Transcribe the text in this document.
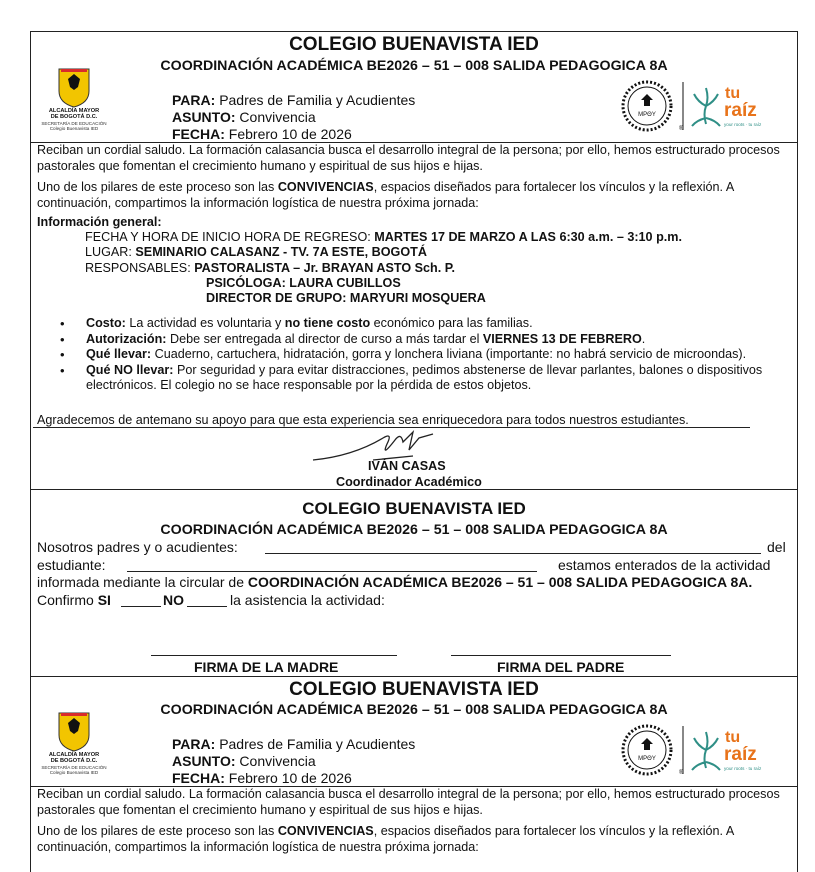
COLEGIO BUENAVISTA IED
COORDINACIÓN ACADÉMICA BE2026 – 51 – 008 SALIDA PEDAGOGICA 8A
ALCALDÍA MAYOR
DE BOGOTÁ D.C.
SECRETARÍA DE EDUCACIÓN
Colegio Buenavista IED
PARA: Padres de Familia y Acudientes
ASUNTO: Convivencia
FECHA: Febrero 10 de 2026
MPΘY
tu
raíz
your roots · tu raíz
®
Reciban un cordial saludo. La formación calasancia busca el desarrollo integral de la persona; por ello, hemos estructurado procesos pastorales que fomentan el crecimiento humano y espiritual de sus hijos e hijas.
Uno de los pilares de este proceso son las CONVIVENCIAS, espacios diseñados para fortalecer los vínculos y la reflexión. A continuación, compartimos la información logística de nuestra próxima jornada:
Información general:
FECHA Y HORA DE INICIO HORA DE REGRESO: MARTES 17 DE MARZO A LAS 6:30 a.m. – 3:10 p.m.
LUGAR: SEMINARIO CALASANZ - TV. 7A ESTE, BOGOTÁ
RESPONSABLES: PASTORALISTA – Jr. BRAYAN ASTO Sch. P.
PSICÓLOGA: LAURA CUBILLOS
DIRECTOR DE GRUPO: MARYURI MOSQUERA
• Costo: La actividad es voluntaria y no tiene costo económico para las familias.
• Autorización: Debe ser entregada al director de curso a más tardar el VIERNES 13 DE FEBRERO.
• Qué llevar: Cuaderno, cartuchera, hidratación, gorra y lonchera liviana (importante: no habrá servicio de microondas).
• Qué NO llevar: Por seguridad y para evitar distracciones, pedimos abstenerse de llevar parlantes, balones o dispositivos electrónicos. El colegio no se hace responsable por la pérdida de estos objetos.
Agradecemos de antemano su apoyo para que esta experiencia sea enriquecedora para todos nuestros estudiantes.
IVÁN CASAS
Coordinador Académico
COLEGIO BUENAVISTA IED
COORDINACIÓN ACADÉMICA BE2026 – 51 – 008 SALIDA PEDAGOGICA 8A
Nosotros padres y o acudientes:	del
estudiante:	estamos enterados de la actividad
informada mediante la circular de COORDINACIÓN ACADÉMICA BE2026 – 51 – 008 SALIDA PEDAGOGICA 8A.
Confirmo SI	NO	la asistencia la actividad:
FIRMA DE LA MADRE	FIRMA DEL PADRE
COLEGIO BUENAVISTA IED
COORDINACIÓN ACADÉMICA BE2026 – 51 – 008 SALIDA PEDAGOGICA 8A
ALCALDÍA MAYOR
DE BOGOTÁ D.C.
SECRETARÍA DE EDUCACIÓN
Colegio Buenavista IED
PARA: Padres de Familia y Acudientes
ASUNTO: Convivencia
FECHA: Febrero 10 de 2026
MPΘY
tu
raíz
your roots · tu raíz
®
Reciban un cordial saludo. La formación calasancia busca el desarrollo integral de la persona; por ello, hemos estructurado procesos pastorales que fomentan el crecimiento humano y espiritual de sus hijos e hijas.
Uno de los pilares de este proceso son las CONVIVENCIAS, espacios diseñados para fortalecer los vínculos y la reflexión. A continuación, compartimos la información logística de nuestra próxima jornada:
